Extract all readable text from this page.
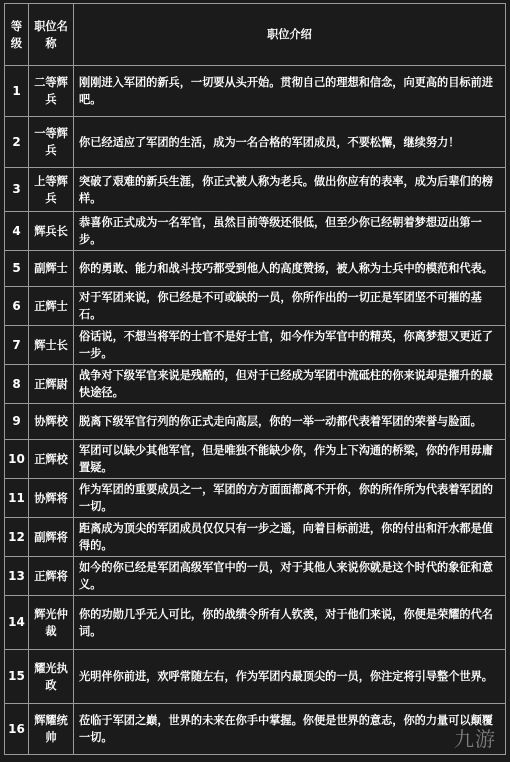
等级	职位名称	职位介绍
1	二等辉兵	刚刚进入军团的新兵，一切要从头开始。贯彻自己的理想和信念，向更高的目标前进吧。
2	一等辉兵	你已经适应了军团的生活，成为一名合格的军团成员，不要松懈，继续努力！
3	上等辉兵	突破了艰难的新兵生涯，你正式被人称为老兵。做出你应有的表率，成为后辈们的榜样。
4	辉兵长	恭喜你正式成为一名军官，虽然目前等级还很低，但至少你已经朝着梦想迈出第一步。
5	副辉士	你的勇敢、能力和战斗技巧都受到他人的高度赞扬，被人称为士兵中的模范和代表。
6	正辉士	对于军团来说，你已经是不可或缺的一员，你所作出的一切正是军团坚不可摧的基石。
7	辉士长	俗话说，不想当将军的士官不是好士官，如今作为军官中的精英，你离梦想又更近了一步。
8	正辉尉	战争对下级军官来说是残酷的，但对于已经成为军团中流砥柱的你来说却是擢升的最快途径。
9	协辉校	脱离下级军官行列的你正式走向高层，你的一举一动都代表着军团的荣誉与脸面。
10	正辉校	军团可以缺少其他军官，但是唯独不能缺少你，作为上下沟通的桥梁，你的作用毋庸置疑。
11	协辉将	作为军团的重要成员之一，军团的方方面面都离不开你，你的所作所为代表着军团的一切。
12	副辉将	距离成为顶尖的军团成员仅仅只有一步之遥，向着目标前进，你的付出和汗水都是值得的。
13	正辉将	如今的你已经是军团高级军官中的一员，对于其他人来说你就是这个时代的象征和意义。
14	辉光仲裁	你的功勋几乎无人可比，你的战绩令所有人钦羡，对于他们来说，你便是荣耀的代名词。
15	耀光执政	光明伴你前进，欢呼常随左右，作为军团内最顶尖的一员，你注定将引导整个世界。
16	辉耀统帅	莅临于军团之巅，世界的未来在你手中掌握。你便是世界的意志，你的力量可以颠覆一切。	九游
